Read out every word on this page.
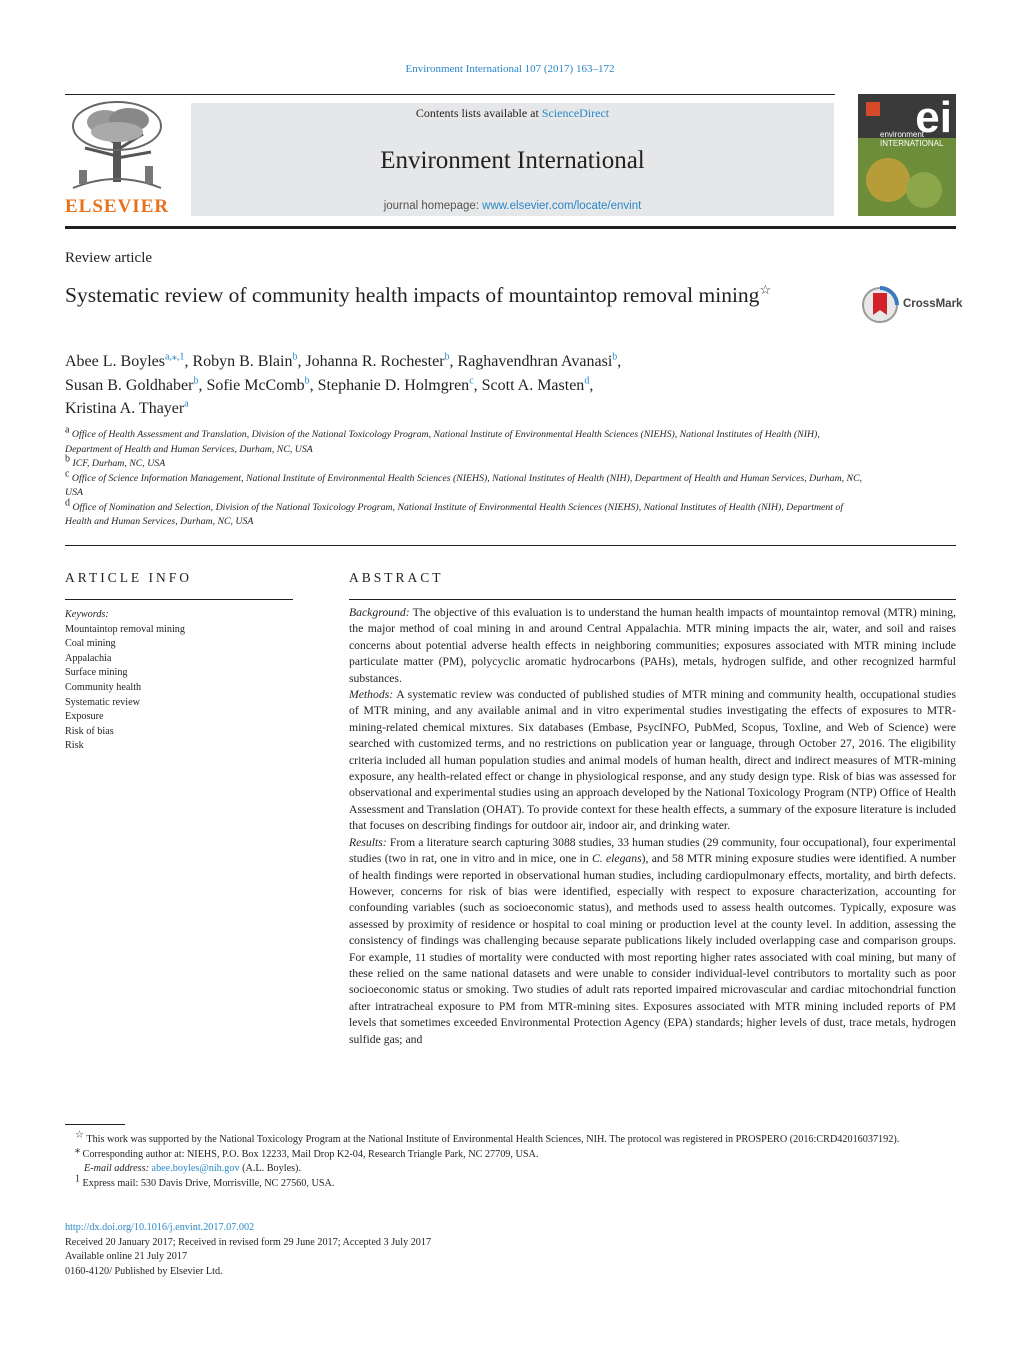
Environment International 107 (2017) 163–172
ELSEVIER
Contents lists available at ScienceDirect
Environment International
journal homepage: www.elsevier.com/locate/envint
ei
environment INTERNATIONAL
Review article
Systematic review of community health impacts of mountaintop removal mining☆
CrossMark
Abee L. Boyles$^{a,⁎,1}$, Robyn B. Blain$^b$, Johanna R. Rochester$^b$, Raghavendhran Avanasi$^b$,
Susan B. Goldhaber$^b$, Sofie McComb$^b$, Stephanie D. Holmgren$^c$, Scott A. Masten$^d$,
Kristina A. Thayer$^a$
$^a$ Office of Health Assessment and Translation, Division of the National Toxicology Program, National Institute of Environmental Health Sciences (NIEHS), National Institutes of Health (NIH), Department of Health and Human Services, Durham, NC, USA
$^b$ ICF, Durham, NC, USA
$^c$ Office of Science Information Management, National Institute of Environmental Health Sciences (NIEHS), National Institutes of Health (NIH), Department of Health and Human Services, Durham, NC, USA
$^d$ Office of Nomination and Selection, Division of the National Toxicology Program, National Institute of Environmental Health Sciences (NIEHS), National Institutes of Health (NIH), Department of Health and Human Services, Durham, NC, USA
ARTICLE INFO	ABSTRACT
Keywords:
Mountaintop removal mining
Coal mining
Appalachia
Surface mining
Community health
Systematic review
Exposure
Risk of bias
Risk

Background: The objective of this evaluation is to understand the human health impacts of mountaintop removal (MTR) mining, the major method of coal mining in and around Central Appalachia. MTR mining impacts the air, water, and soil and raises concerns about potential adverse health effects in neighboring communities; exposures associated with MTR mining include particulate matter (PM), polycyclic aromatic hydrocarbons (PAHs), metals, hydrogen sulfide, and other recognized harmful substances.

Methods: A systematic review was conducted of published studies of MTR mining and community health, occupational studies of MTR mining, and any available animal and in vitro experimental studies investigating the effects of exposures to MTR-mining-related chemical mixtures. Six databases (Embase, PsycINFO, PubMed, Scopus, Toxline, and Web of Science) were searched with customized terms, and no restrictions on publication year or language, through October 27, 2016. The eligibility criteria included all human population studies and animal models of human health, direct and indirect measures of MTR-mining exposure, any health-related effect or change in physiological response, and any study design type. Risk of bias was assessed for observational and experimental studies using an approach developed by the National Toxicology Program (NTP) Office of Health Assessment and Translation (OHAT). To provide context for these health effects, a summary of the exposure literature is included that focuses on describing findings for outdoor air, indoor air, and drinking water.

Results: From a literature search capturing 3088 studies, 33 human studies (29 community, four occupational), four experimental studies (two in rat, one in vitro and in mice, one in C. elegans), and 58 MTR mining exposure studies were identified. A number of health findings were reported in observational human studies, including cardiopulmonary effects, mortality, and birth defects. However, concerns for risk of bias were identified, especially with respect to exposure characterization, accounting for confounding variables (such as socioeconomic status), and methods used to assess health outcomes. Typically, exposure was assessed by proximity of residence or hospital to coal mining or production level at the county level. In addition, assessing the consistency of findings was challenging because separate publications likely included overlapping case and comparison groups. For example, 11 studies of mortality were conducted with most reporting higher rates associated with coal mining, but many of these relied on the same national datasets and were unable to consider individual-level contributors to mortality such as poor socioeconomic status or smoking. Two studies of adult rats reported impaired microvascular and cardiac mitochondrial function after intratracheal exposure to PM from MTR-mining sites. Exposures associated with MTR mining included reports of PM levels that sometimes exceeded Environmental Protection Agency (EPA) standards; higher levels of dust, trace metals, hydrogen sulfide gas; and

☆ This work was supported by the National Toxicology Program at the National Institute of Environmental Health Sciences, NIH. The protocol was registered in PROSPERO (2016:CRD42016037192).
⁎ Corresponding author at: NIEHS, P.O. Box 12233, Mail Drop K2-04, Research Triangle Park, NC 27709, USA.
E-mail address: abee.boyles@nih.gov (A.L. Boyles).
$^1$ Express mail: 530 Davis Drive, Morrisville, NC 27560, USA.
http://dx.doi.org/10.1016/j.envint.2017.07.002
Received 20 January 2017; Received in revised form 29 June 2017; Accepted 3 July 2017
Available online 21 July 2017
0160-4120/ Published by Elsevier Ltd.
